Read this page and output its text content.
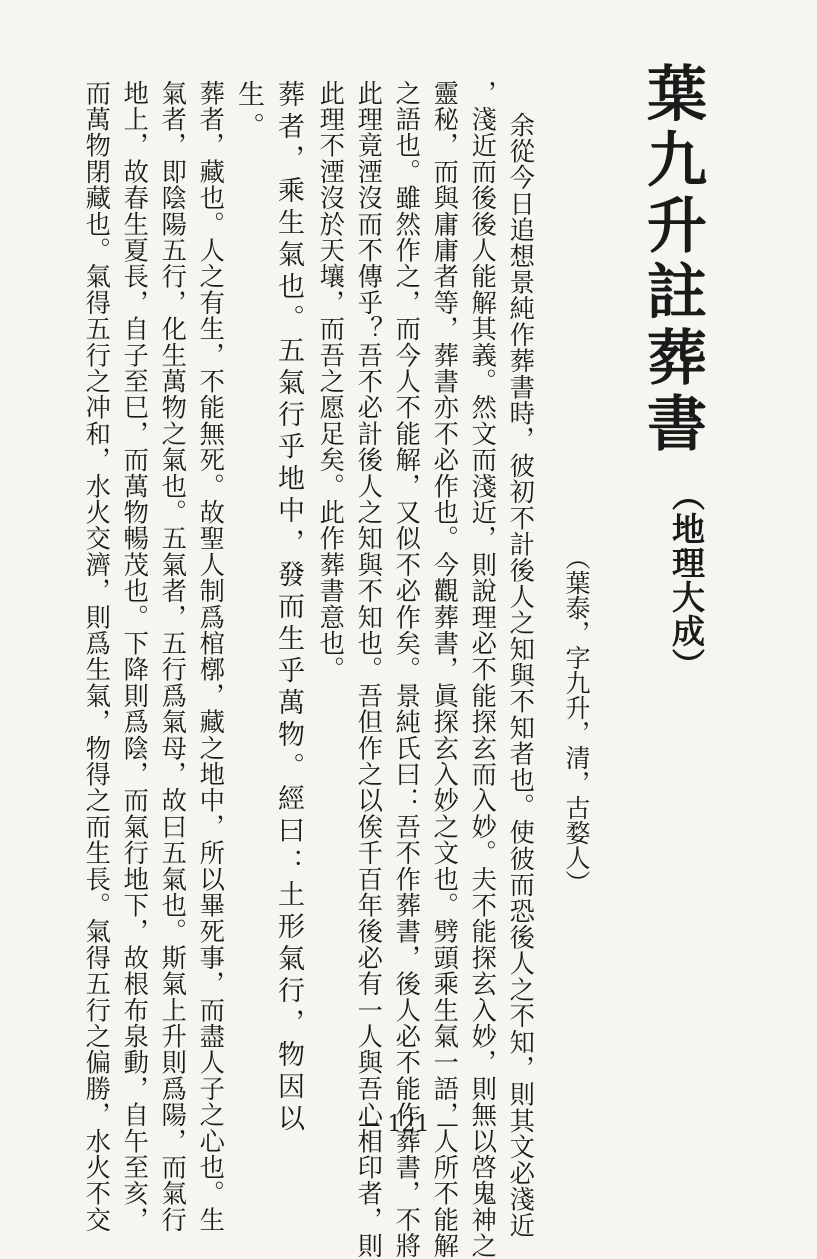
葉九升註葬書
（地理大成）
（葉泰，字九升，清，古婺人）
余從今日追想景純作葬書時，彼初不計後人之知與不知者也。使彼而恐後人之不知，則其文必淺近
，淺近而後後人能解其義。然文而淺近，則說理必不能探玄而入妙。夫不能探玄入妙，則無以啓鬼神之
靈秘，而與庸庸者等，葬書亦不必作也。今觀葬書，眞探玄入妙之文也。劈頭乘生氣一語，人所不能解
之語也。雖然作之，而今人不能解，又似不必作矣。景純氏曰：吾不作葬書，後人必不能作葬書，不將
此理竟湮沒而不傳乎？吾不必計後人之知與不知也。吾但作之以俟千百年後必有一人與吾心相印者，則
此理不湮沒於天壤，而吾之愿足矣。此作葬書意也。
葬者，乘生氣也。五氣行乎地中，發而生乎萬物。經曰：土形氣行，物因以
生。
葬者，藏也。人之有生，不能無死。故聖人制爲棺槨，藏之地中，所以畢死事，而盡人子之心也。生
氣者，即陰陽五行，化生萬物之氣也。五氣者，五行爲氣母，故曰五氣也。斯氣上升則爲陽，而氣行
地上，故春生夏長，自子至巳，而萬物暢茂也。下降則爲陰，而氣行地下，故根布泉動，自午至亥，
而萬物閉藏也。氣得五行之冲和，水火交濟，則爲生氣，物得之而生長。氣得五行之偏勝，水火不交	— 121 —
